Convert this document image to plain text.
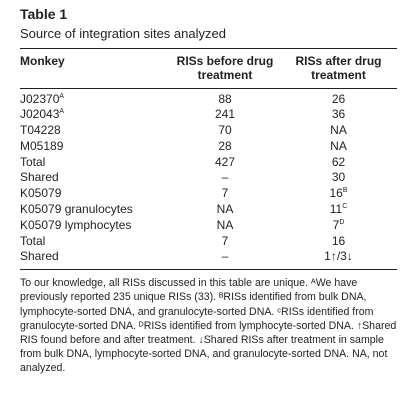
Table 1

Source of integration sites analyzed

Monkey	RISs before drug treatment	RISs after drug treatment
$J02370^A$	88	26
$J02043^A$	241	36
T04228	70	NA
M05189	28	NA
Total	427	62
Shared	–	30
K05079	7	$16^B$
K05079 granulocytes	NA	$11^C$
K05079 lymphocytes	NA	$7^D$
Total	7	16
Shared	–	1↑/3↓
To our knowledge, all RISs discussed in this table are unique. ᴬWe have previously reported 235 unique RISs (33). ᴮRISs identified from bulk DNA, lymphocyte-sorted DNA, and granulocyte-sorted DNA. ᶜRISs identified from granulocyte-sorted DNA. ᴰRISs identified from lymphocyte-sorted DNA. ↑Shared RIS found before and after treatment. ↓Shared RISs after treatment in sample from bulk DNA, lymphocyte-sorted DNA, and granulocyte-sorted DNA. NA, not analyzed.
